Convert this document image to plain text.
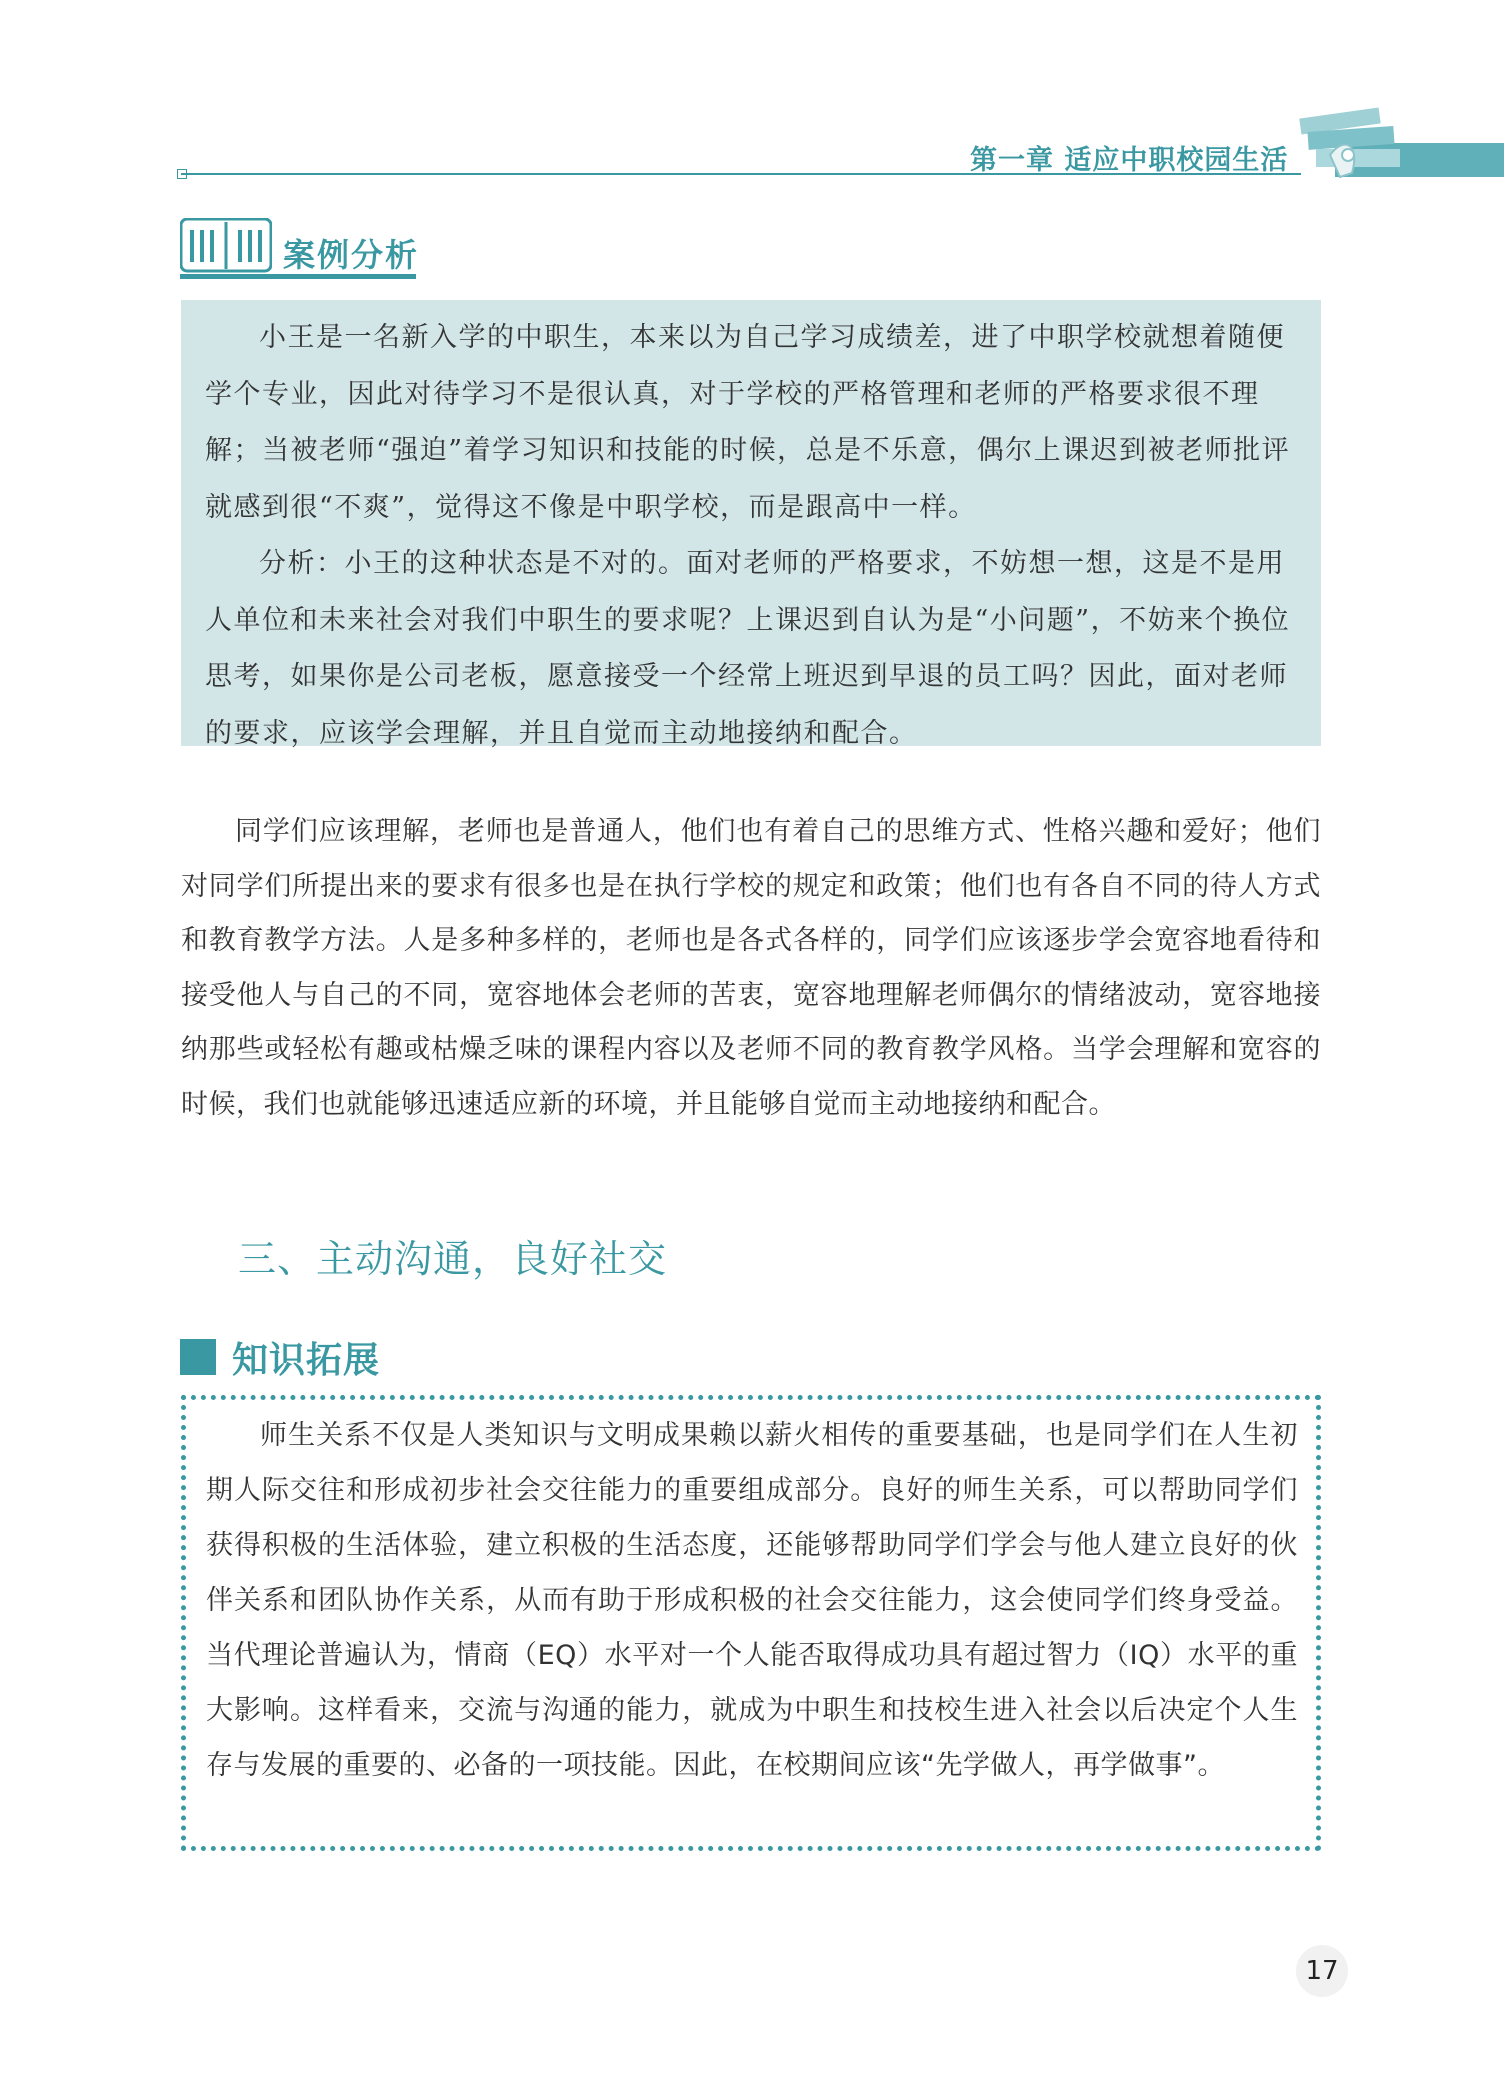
第一章 适应中职校园生活
案例分析

小王是一名新入学的中职生，本来以为自己学习成绩差，进了中职学校就想着随便学个专业，因此对待学习不是很认真，对于学校的严格管理和老师的严格要求很不理解；当被老师“强迫”着学习知识和技能的时候，总是不乐意，偶尔上课迟到被老师批评就感到很“不爽”，觉得这不像是中职学校，而是跟高中一样。

分析：小王的这种状态是不对的。面对老师的严格要求，不妨想一想，这是不是用人单位和未来社会对我们中职生的要求呢？上课迟到自认为是“小问题”，不妨来个换位思考，如果你是公司老板，愿意接受一个经常上班迟到早退的员工吗？因此，面对老师的要求，应该学会理解，并且自觉而主动地接纳和配合。

同学们应该理解，老师也是普通人，他们也有着自己的思维方式、性格兴趣和爱好；他们对同学们所提出来的要求有很多也是在执行学校的规定和政策；他们也有各自不同的待人方式和教育教学方法。人是多种多样的，老师也是各式各样的，同学们应该逐步学会宽容地看待和接受他人与自己的不同，宽容地体会老师的苦衷，宽容地理解老师偶尔的情绪波动，宽容地接纳那些或轻松有趣或枯燥乏味的课程内容以及老师不同的教育教学风格。当学会理解和宽容的时候，我们也就能够迅速适应新的环境，并且能够自觉而主动地接纳和配合。

三、主动沟通，良好社交
知识拓展

师生关系不仅是人类知识与文明成果赖以薪火相传的重要基础，也是同学们在人生初期人际交往和形成初步社会交往能力的重要组成部分。良好的师生关系，可以帮助同学们获得积极的生活体验，建立积极的生活态度，还能够帮助同学们学会与他人建立良好的伙伴关系和团队协作关系，从而有助于形成积极的社会交往能力，这会使同学们终身受益。当代理论普遍认为，情商（EQ）水平对一个人能否取得成功具有超过智力（IQ）水平的重大影响。这样看来，交流与沟通的能力，就成为中职生和技校生进入社会以后决定个人生存与发展的重要的、必备的一项技能。因此，在校期间应该“先学做人，再学做事”。

17
